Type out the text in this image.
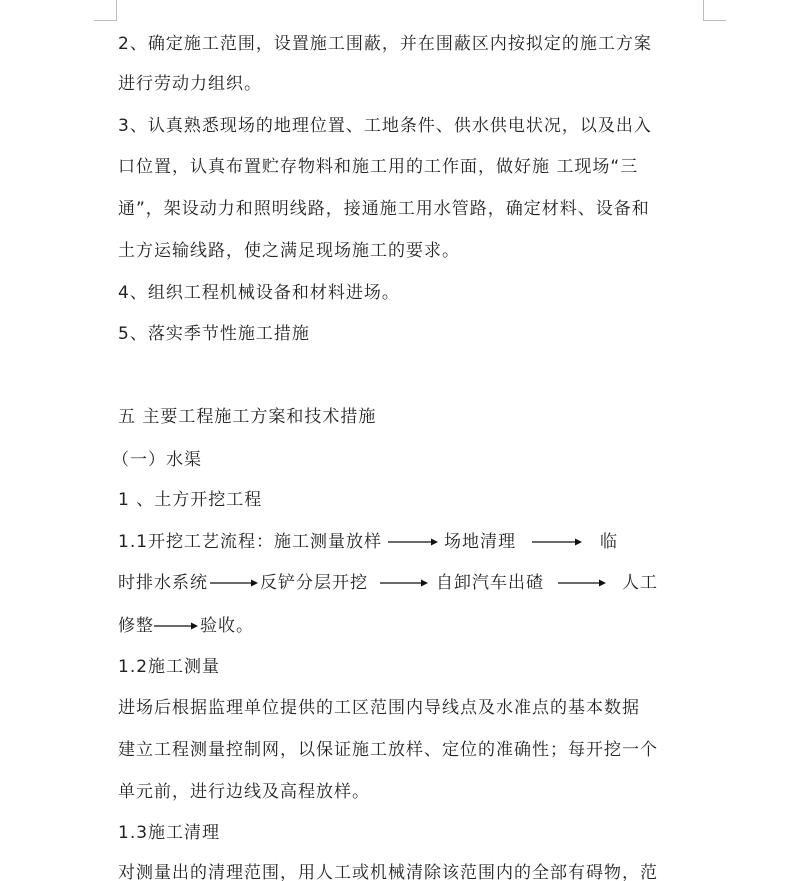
2、确定施工范围，设置施工围蔽，并在围蔽区内按拟定的施工方案
进行劳动力组织。
3、认真熟悉现场的地理位置、工地条件、供水供电状况，以及出入
口位置，认真布置贮存物料和施工用的工作面，做好施 工现场“三
通”，架设动力和照明线路，接通施工用水管路，确定材料、设备和
土方运输线路，使之满足现场施工的要求。
4、组织工程机械设备和材料进场。
5、落实季节性施工措施
五 主要工程施工方案和技术措施
（一）水渠
1 、土方开挖工程
1.1开挖工艺流程：施工测量放样	场地清理	临
时排水系统	反铲分层开挖	自卸汽车出碴	人工
修整	验收。
1.2施工测量
进场后根据监理单位提供的工区范围内导线点及水准点的基本数据
建立工程测量控制网，以保证施工放样、定位的准确性；每开挖一个
单元前，进行边线及高程放样。
1.3施工清理
对测量出的清理范围，用人工或机械清除该范围内的全部有碍物，范
